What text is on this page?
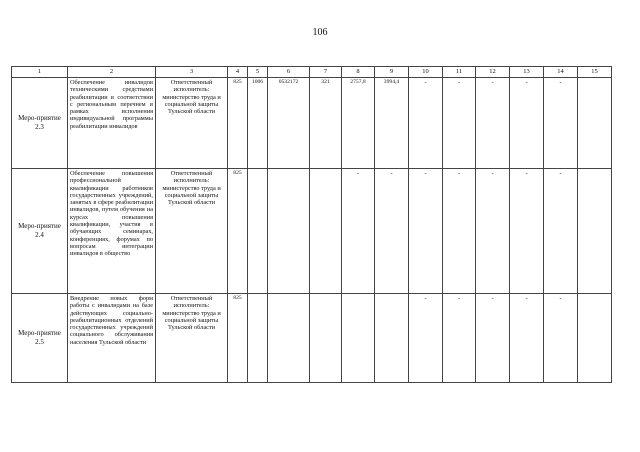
106
1	2	3	4	5	6	7	8	9	10	11	12	13	14	15
Меро-приятие 2.3	Обеспечение инвалидов техническими средствами реабилитации в соответствии с региональным перечнем в рамках исполнения индивидуальной программы реабилитации инвалидов	Ответственный исполнитель: министерство труда и социальной защиты Тульской области	825	1006	0532172	321	2757,8	3994,4	-	-	-	-	-	
Меро-приятие 2.4	Обеспечение повышения профессиональной квалификации работников государственных учреждений, занятых в сфере реабилитации инвалидов, путем обучения на курсах повышения квалификации, участия в обучающих семинарах, конференциях, форумах по вопросам интеграции инвалидов в общество	Ответственный исполнитель: министерство труда и социальной защиты Тульской области	825				-	-	-	-	-	-	-	
Меро-приятие 2.5	Внедрение новых форм работы с инвалидами на базе действующих социально-реабилитационных отделений государственных учреждений социального обслуживания населения Тульской области	Ответственный исполнитель: министерство труда и социальной защиты Тульской области	825						-	-	-	-	-	
